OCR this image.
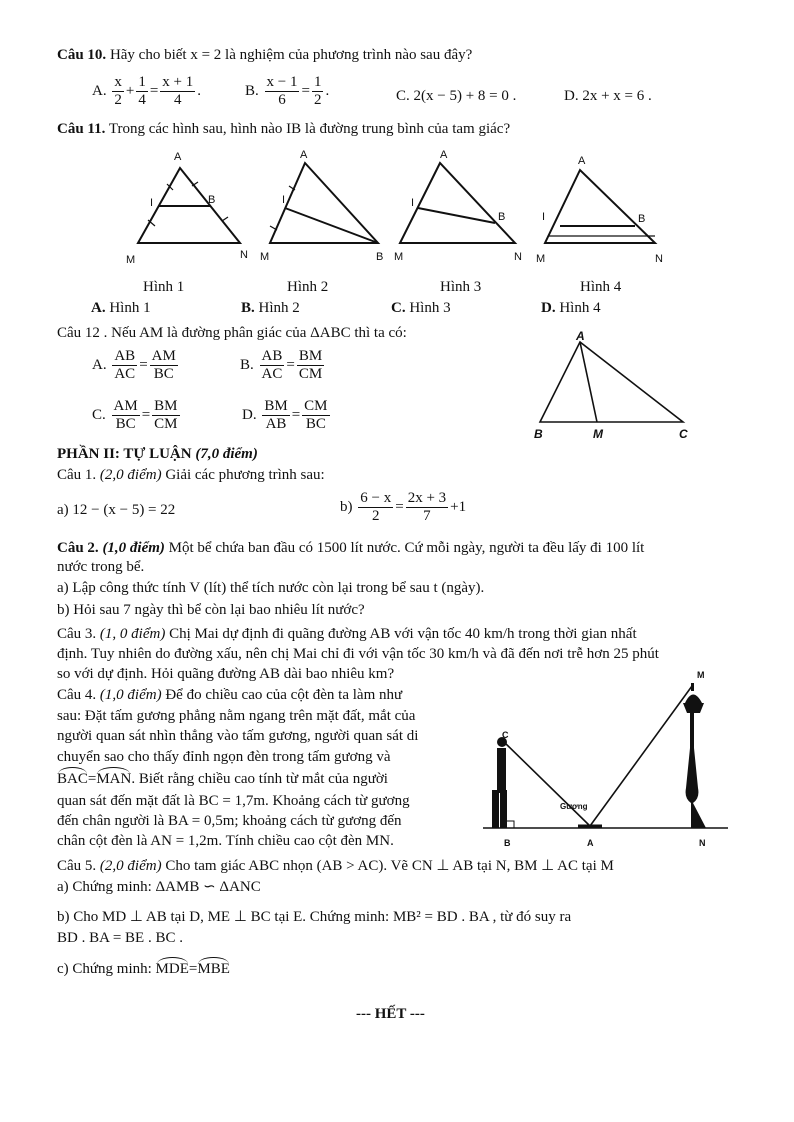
Câu 10. Hãy cho biết x = 2 là nghiệm của phương trình nào sau đây?
A. $\frac{x}{2} + \frac{1}{4} = \frac{x + 1}{4}$ .	B. $\frac{x - 1}{6} = \frac{1}{2}$ .	C. 2(x − 5) + 8 = 0 .	D. 2x + x = 6 .
Câu 11. Trong các hình sau, hình nào IB là đường trung bình của tam giác?
A
I	B
M	N
A
I
M	B
A
I
B
M	N
A
I	B
M	N
Hình 1	Hình 2	Hình 3	Hình 4
A. Hình 1	B. Hình 2	C. Hình 3	D. Hình 4
Câu 12 . Nếu AM là đường phân giác của ΔABC thì ta có:
A. $\frac{AB}{AC} = \frac{AM}{BC}$	B. $\frac{AB}{AC} = \frac{BM}{CM}$
C. $\frac{AM}{BC} = \frac{BM}{CM}$	D. $\frac{BM}{AB} = \frac{CM}{BC}$
A
B	M	C
PHẦN II: TỰ LUẬN (7,0 điểm)
Câu 1. (2,0 điểm) Giải các phương trình sau:
a) 12 − (x − 5) = 22	$b) \frac{6 - x}{2} = \frac{2x + 3}{7} +1$
Câu 2. (1,0 điểm) Một bể chứa ban đầu có 1500 lít nước. Cứ mỗi ngày, người ta đều lấy đi 100 lít
nước trong bể.
a) Lập công thức tính V (lít) thể tích nước còn lại trong bể sau t (ngày).
b) Hỏi sau 7 ngày thì bể còn lại bao nhiêu lít nước?
Câu 3. (1, 0 điểm) Chị Mai dự định đi quãng đường AB với vận tốc 40 km/h trong thời gian nhất
định. Tuy nhiên do đường xấu, nên chị Mai chỉ đi với vận tốc 30 km/h và đã đến nơi trễ hơn 25 phút
so với dự định. Hỏi quãng đường AB dài bao nhiêu km?
Câu 4. (1,0 điểm) Để đo chiều cao của cột đèn ta làm như
sau: Đặt tấm gương phẳng nằm ngang trên mặt đất, mắt của
người quan sát nhìn thẳng vào tấm gương, người quan sát di
chuyển sao cho thấy đỉnh ngọn đèn trong tấm gương và
BAC=MAN. Biết rằng chiều cao tính từ mắt của người
quan sát đến mặt đất là BC = 1,7m. Khoảng cách từ gương
đến chân người là BA = 0,5m; khoảng cách từ gương đến
chân cột đèn là AN = 1,2m. Tính chiều cao cột đèn MN.
C
M
B	A	N
Gương
Câu 5. (2,0 điểm) Cho tam giác ABC nhọn (AB > AC). Vẽ CN ⊥ AB tại N, BM ⊥ AC tại M
a) Chứng minh: ΔAMB ∽ ΔANC
b) Cho MD ⊥ AB tại D, ME ⊥ BC tại E. Chứng minh: MB² = BD . BA , từ đó suy ra
BD . BA = BE . BC .
c) Chứng minh: MDE=MBE
--- HẾT ---
